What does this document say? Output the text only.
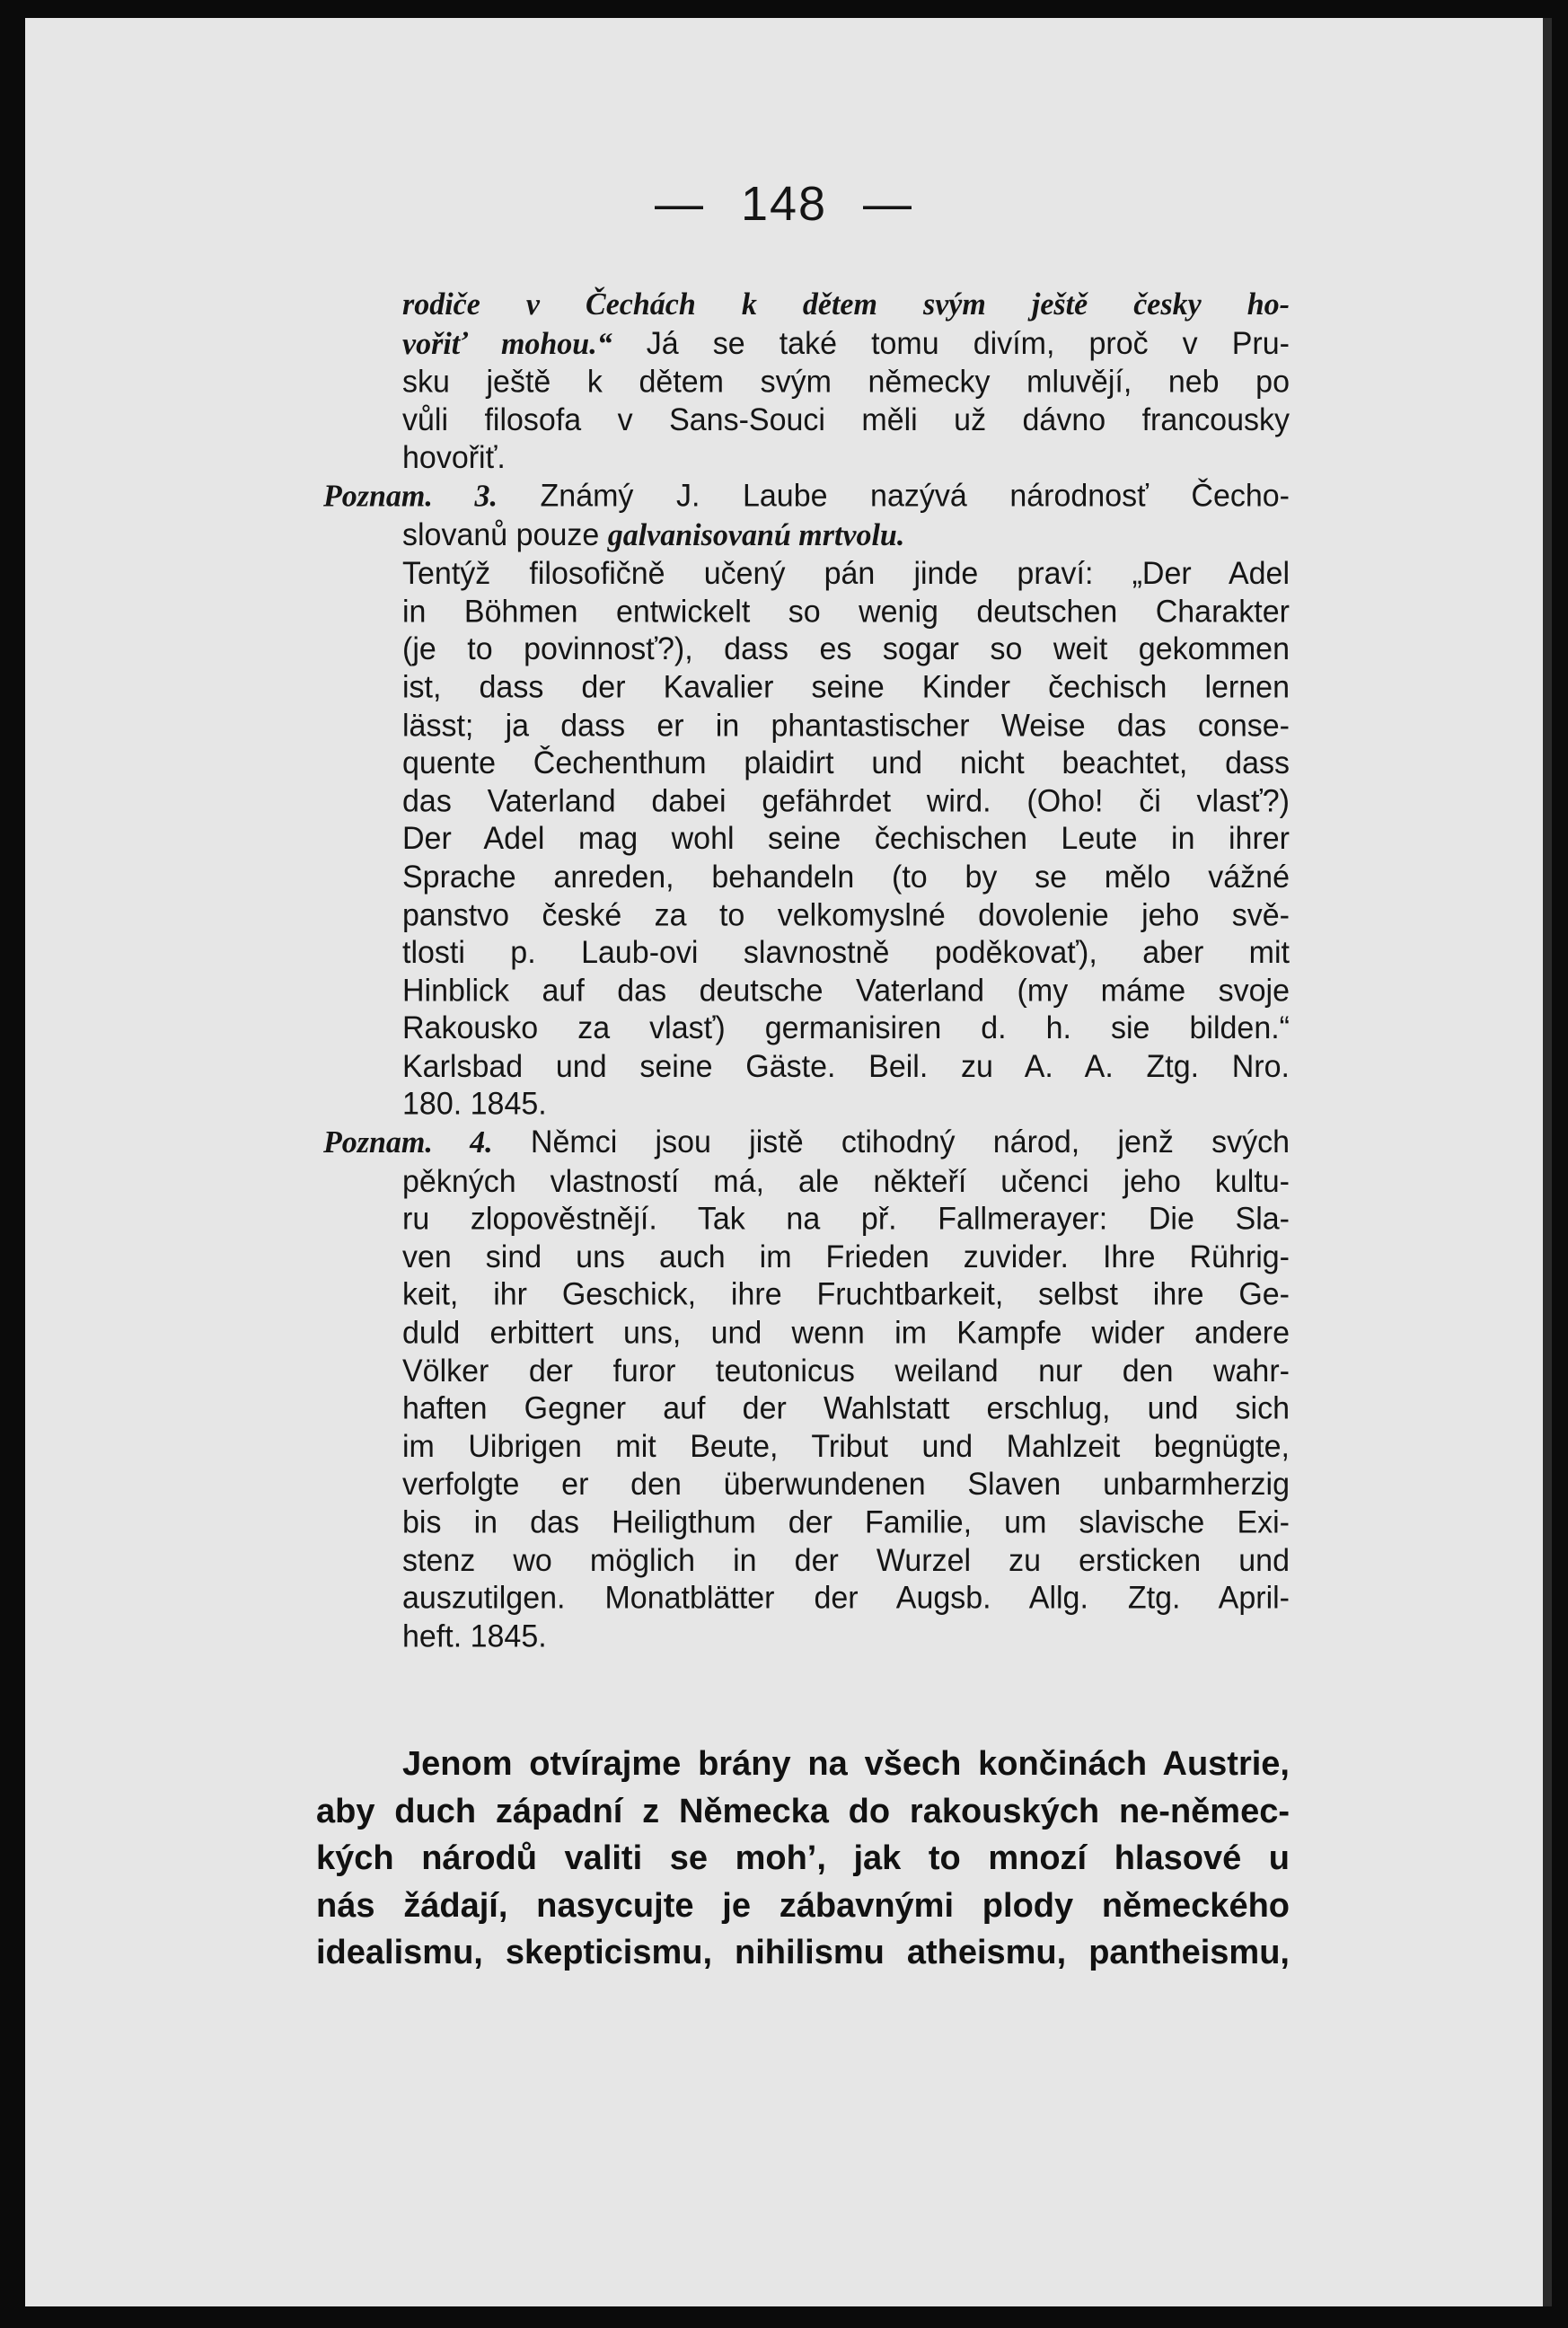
— 148 —
rodiče v Čechách k dětem svým ještě česky ho-
vořiť mohou.“ Já se také tomu divím, proč v Pru-
sku ještě k dětem svým německy mluvějí, neb po
vůli filosofa v Sans-Souci měli už dávno francousky
hovořiť.
Poznam. 3. Známý J. Laube nazývá národnosť Čecho-
slovanů pouze galvanisovanú mrtvolu.
Tentýž filosofičně učený pán jinde praví: „Der Adel
in Böhmen entwickelt so wenig deutschen Charakter
(je to povinnosť?), dass es sogar so weit gekommen
ist, dass der Kavalier seine Kinder čechisch lernen
lässt; ja dass er in phantastischer Weise das conse-
quente Čechenthum plaidirt und nicht beachtet, dass
das Vaterland dabei gefährdet wird. (Oho! či vlasť?)
Der Adel mag wohl seine čechischen Leute in ihrer
Sprache anreden, behandeln (to by se mělo vážné
panstvo české za to velkomyslné dovolenie jeho svě-
tlosti p. Laub-ovi slavnostně poděkovať), aber mit
Hinblick auf das deutsche Vaterland (my máme svoje
Rakousko za vlasť) germanisiren d. h. sie bilden.“
Karlsbad und seine Gäste. Beil. zu A. A. Ztg. Nro.
180. 1845.
Poznam. 4. Němci jsou jistě ctihodný národ, jenž svých
pěkných vlastností má, ale někteří učenci jeho kultu-
ru zlopověstnějí. Tak na př. Fallmerayer: Die Sla-
ven sind uns auch im Frieden zuvider. Ihre Rührig-
keit, ihr Geschick, ihre Fruchtbarkeit, selbst ihre Ge-
duld erbittert uns, und wenn im Kampfe wider andere
Völker der furor teutonicus weiland nur den wahr-
haften Gegner auf der Wahlstatt erschlug, und sich
im Uibrigen mit Beute, Tribut und Mahlzeit begnügte,
verfolgte er den überwundenen Slaven unbarmherzig
bis in das Heiligthum der Familie, um slavische Exi-
stenz wo möglich in der Wurzel zu ersticken und
auszutilgen. Monatblätter der Augsb. Allg. Ztg. April-
heft. 1845.
Jenom otvírajme brány na všech končinách Austrie,
aby duch západní z Německa do rakouských ne-němec-
kých národů valiti se moh’, jak to mnozí hlasové u
nás žádají, nasycujte je zábavnými plody německého
idealismu, skepticismu, nihilismu atheismu, pantheismu,
